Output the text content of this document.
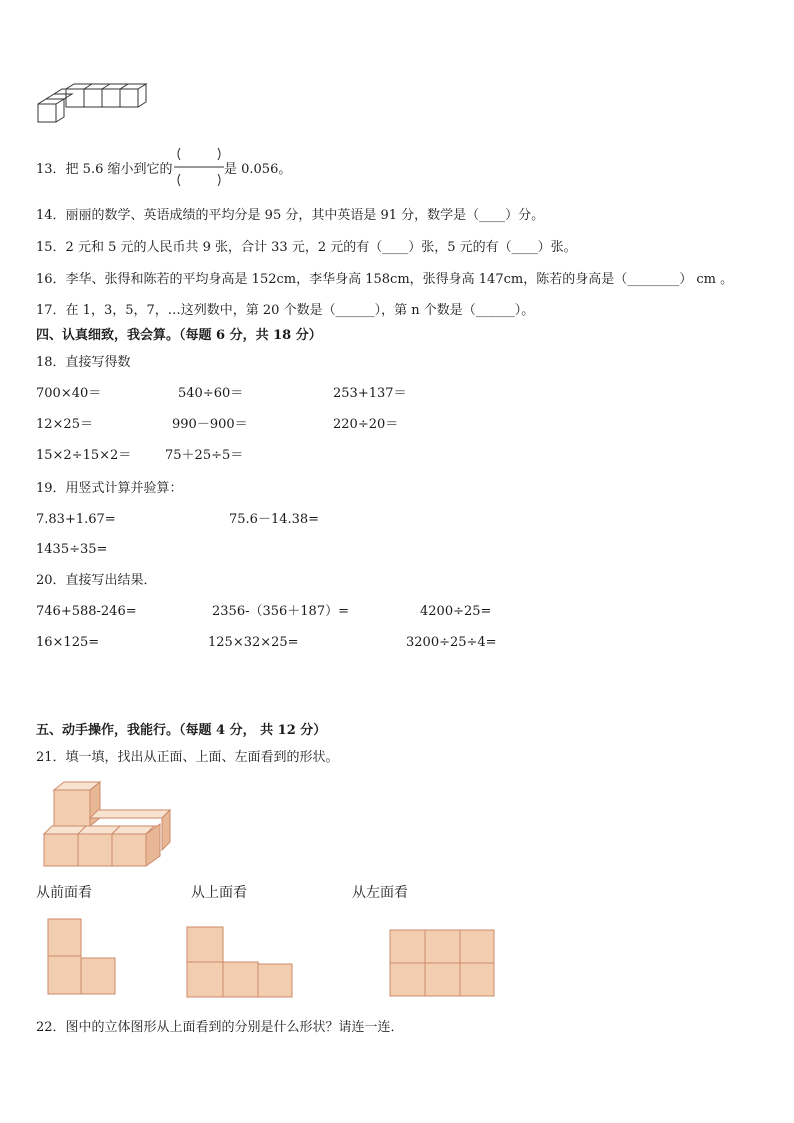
13．把 5.6 缩小到它的	是 0.056。
14．丽丽的数学、英语成绩的平均分是 95 分，其中英语是 91 分，数学是（____）分。
15．2 元和 5 元的人民币共 9 张，合计 33 元，2 元的有（____）张，5 元的有（____）张。
16．李华、张得和陈若的平均身高是 152cm，李华身高 158cm，张得身高 147cm，陈若的身高是（________） cm 。
17．在 1，3，5，7，…这列数中，第 20 个数是（______），第 n 个数是（______）。
四、认真细致，我会算。（每题 6 分，共 18 分）
18．直接写得数
700×40＝	540÷60＝	253+137＝
12×25＝	990－900＝	220÷20＝
15×2÷15×2＝	75＋25÷5＝
19．用竖式计算并验算：
7.83+1.67=	75.6－14.38=
1435÷35=
20．直接写出结果．
746+588-246=	2356-（356＋187）=	4200÷25=
16×125=	125×32×25=	3200÷25÷4=
五、动手操作，我能行。（每题 4 分， 共 12 分）
21．填一填，找出从正面、上面、左面看到的形状。
从前面看	从上面看	从左面看
22．图中的立体图形从上面看到的分别是什么形状？请连一连．
